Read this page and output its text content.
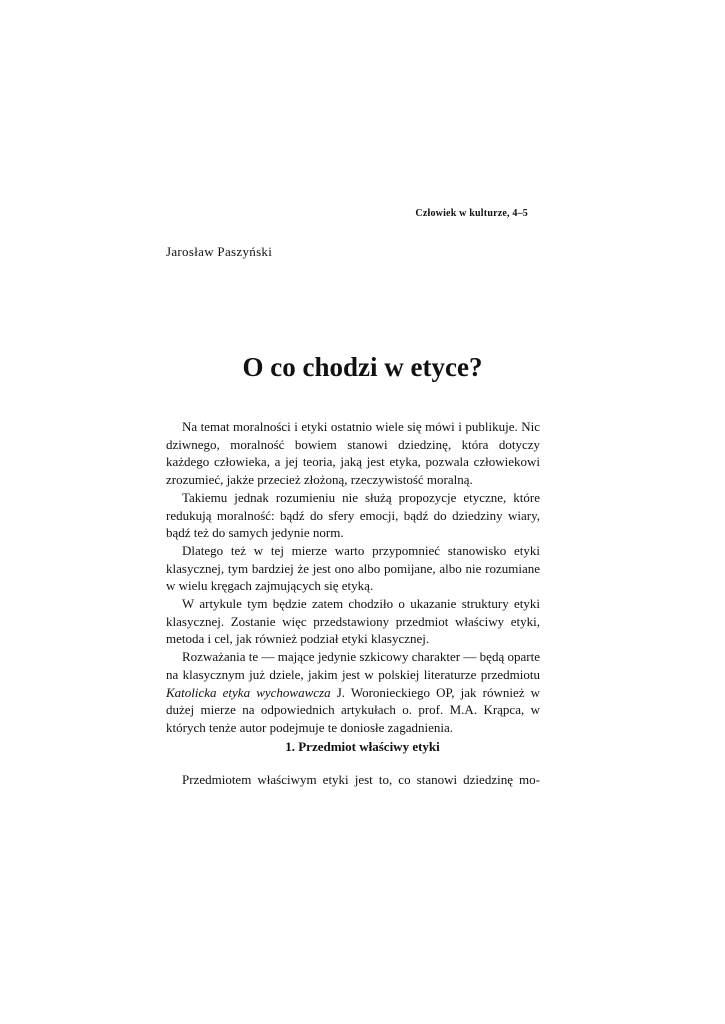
Człowiek w kulturze, 4–5
Jarosław Paszyński
O co chodzi w etyce?

Na temat moralności i etyki ostatnio wiele się mówi i publikuje. Nic dziwnego, moralność bowiem stanowi dziedzinę, która dotyczy każdego człowieka, a jej teoria, jaką jest etyka, pozwala człowiekowi zrozumieć, jakże przecież złożoną, rzeczywistość moralną.

Takiemu jednak rozumieniu nie służą propozycje etyczne, które redukują moralność: bądź do sfery emocji, bądź do dziedziny wiary, bądź też do samych jedynie norm.

Dlatego też w tej mierze warto przypomnieć stanowisko etyki klasycznej, tym bardziej że jest ono albo pomijane, albo nie rozumiane w wielu kręgach zajmujących się etyką.

W artykule tym będzie zatem chodziło o ukazanie struktury etyki klasycznej. Zostanie więc przedstawiony przedmiot właściwy etyki, metoda i cel, jak również podział etyki klasycznej.

Rozważania te — mające jedynie szkicowy charakter — będą oparte na klasycznym już dziele, jakim jest w polskiej literaturze przedmiotu Katolicka etyka wychowawcza J. Woronieckiego OP, jak również w dużej mierze na odpowiednich artykułach o. prof. M.A. Krąpca, w których tenże autor podejmuje te doniosłe zagadnienia.

1. Przedmiot właściwy etyki

Przedmiotem właściwym etyki jest to, co stanowi dziedzinę mo-
